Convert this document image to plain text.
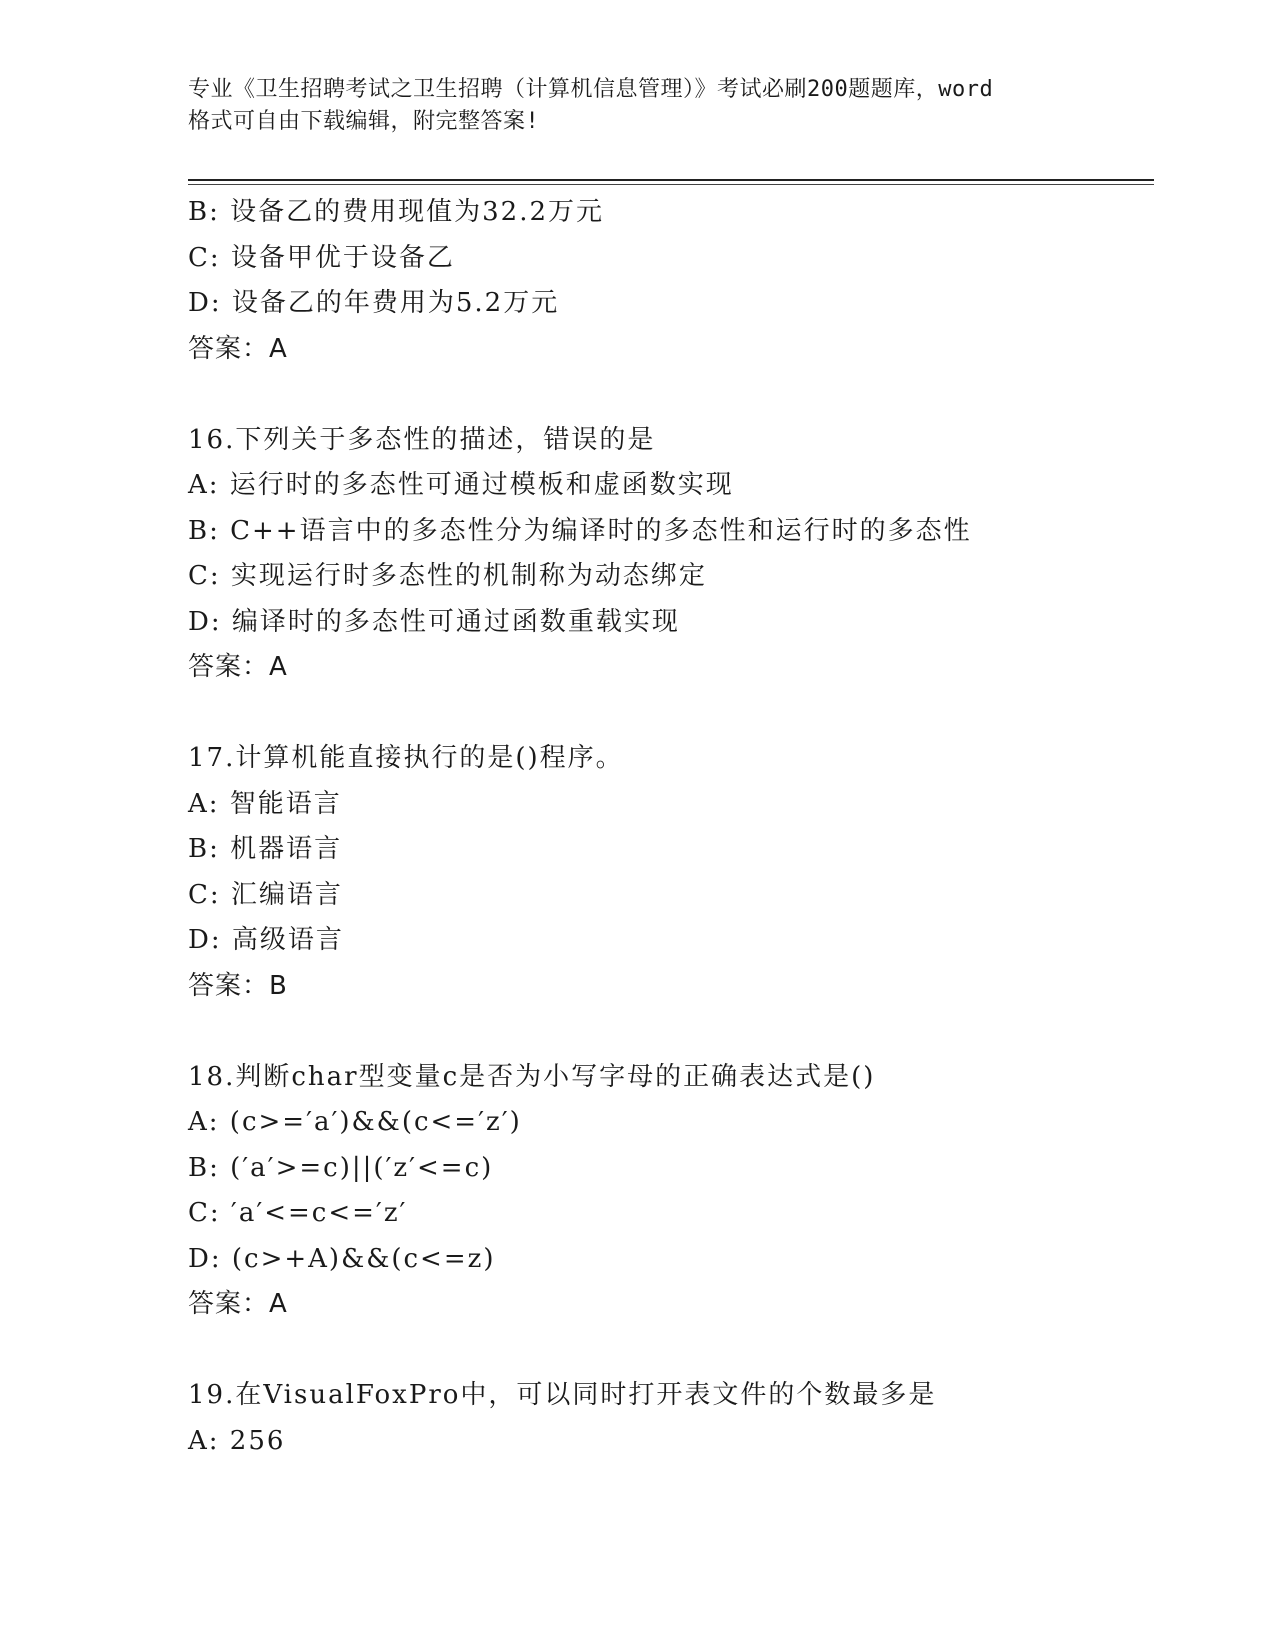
专业《卫生招聘考试之卫生招聘（计算机信息管理）》考试必刷200题题库，word
格式可自由下载编辑，附完整答案!
B: 设备乙的费用现值为32.2万元
C: 设备甲优于设备乙
D: 设备乙的年费用为5.2万元
答案：A
16.下列关于多态性的描述，错误的是
A: 运行时的多态性可通过模板和虚函数实现
B: C++语言中的多态性分为编译时的多态性和运行时的多态性
C: 实现运行时多态性的机制称为动态绑定
D: 编译时的多态性可通过函数重载实现
答案：A
17.计算机能直接执行的是()程序。
A: 智能语言
B: 机器语言
C: 汇编语言
D: 高级语言
答案：B
18.判断char型变量c是否为小写字母的正确表达式是()
A: (c>=′a′)&&(c<=′z′)
B: (′a′>=c)||(′z′<=c)
C: ′a′<=c<=′z′
D: (c>+A)&&(c<=z)
答案：A
19.在VisualFoxPro中，可以同时打开表文件的个数最多是
A: 256
